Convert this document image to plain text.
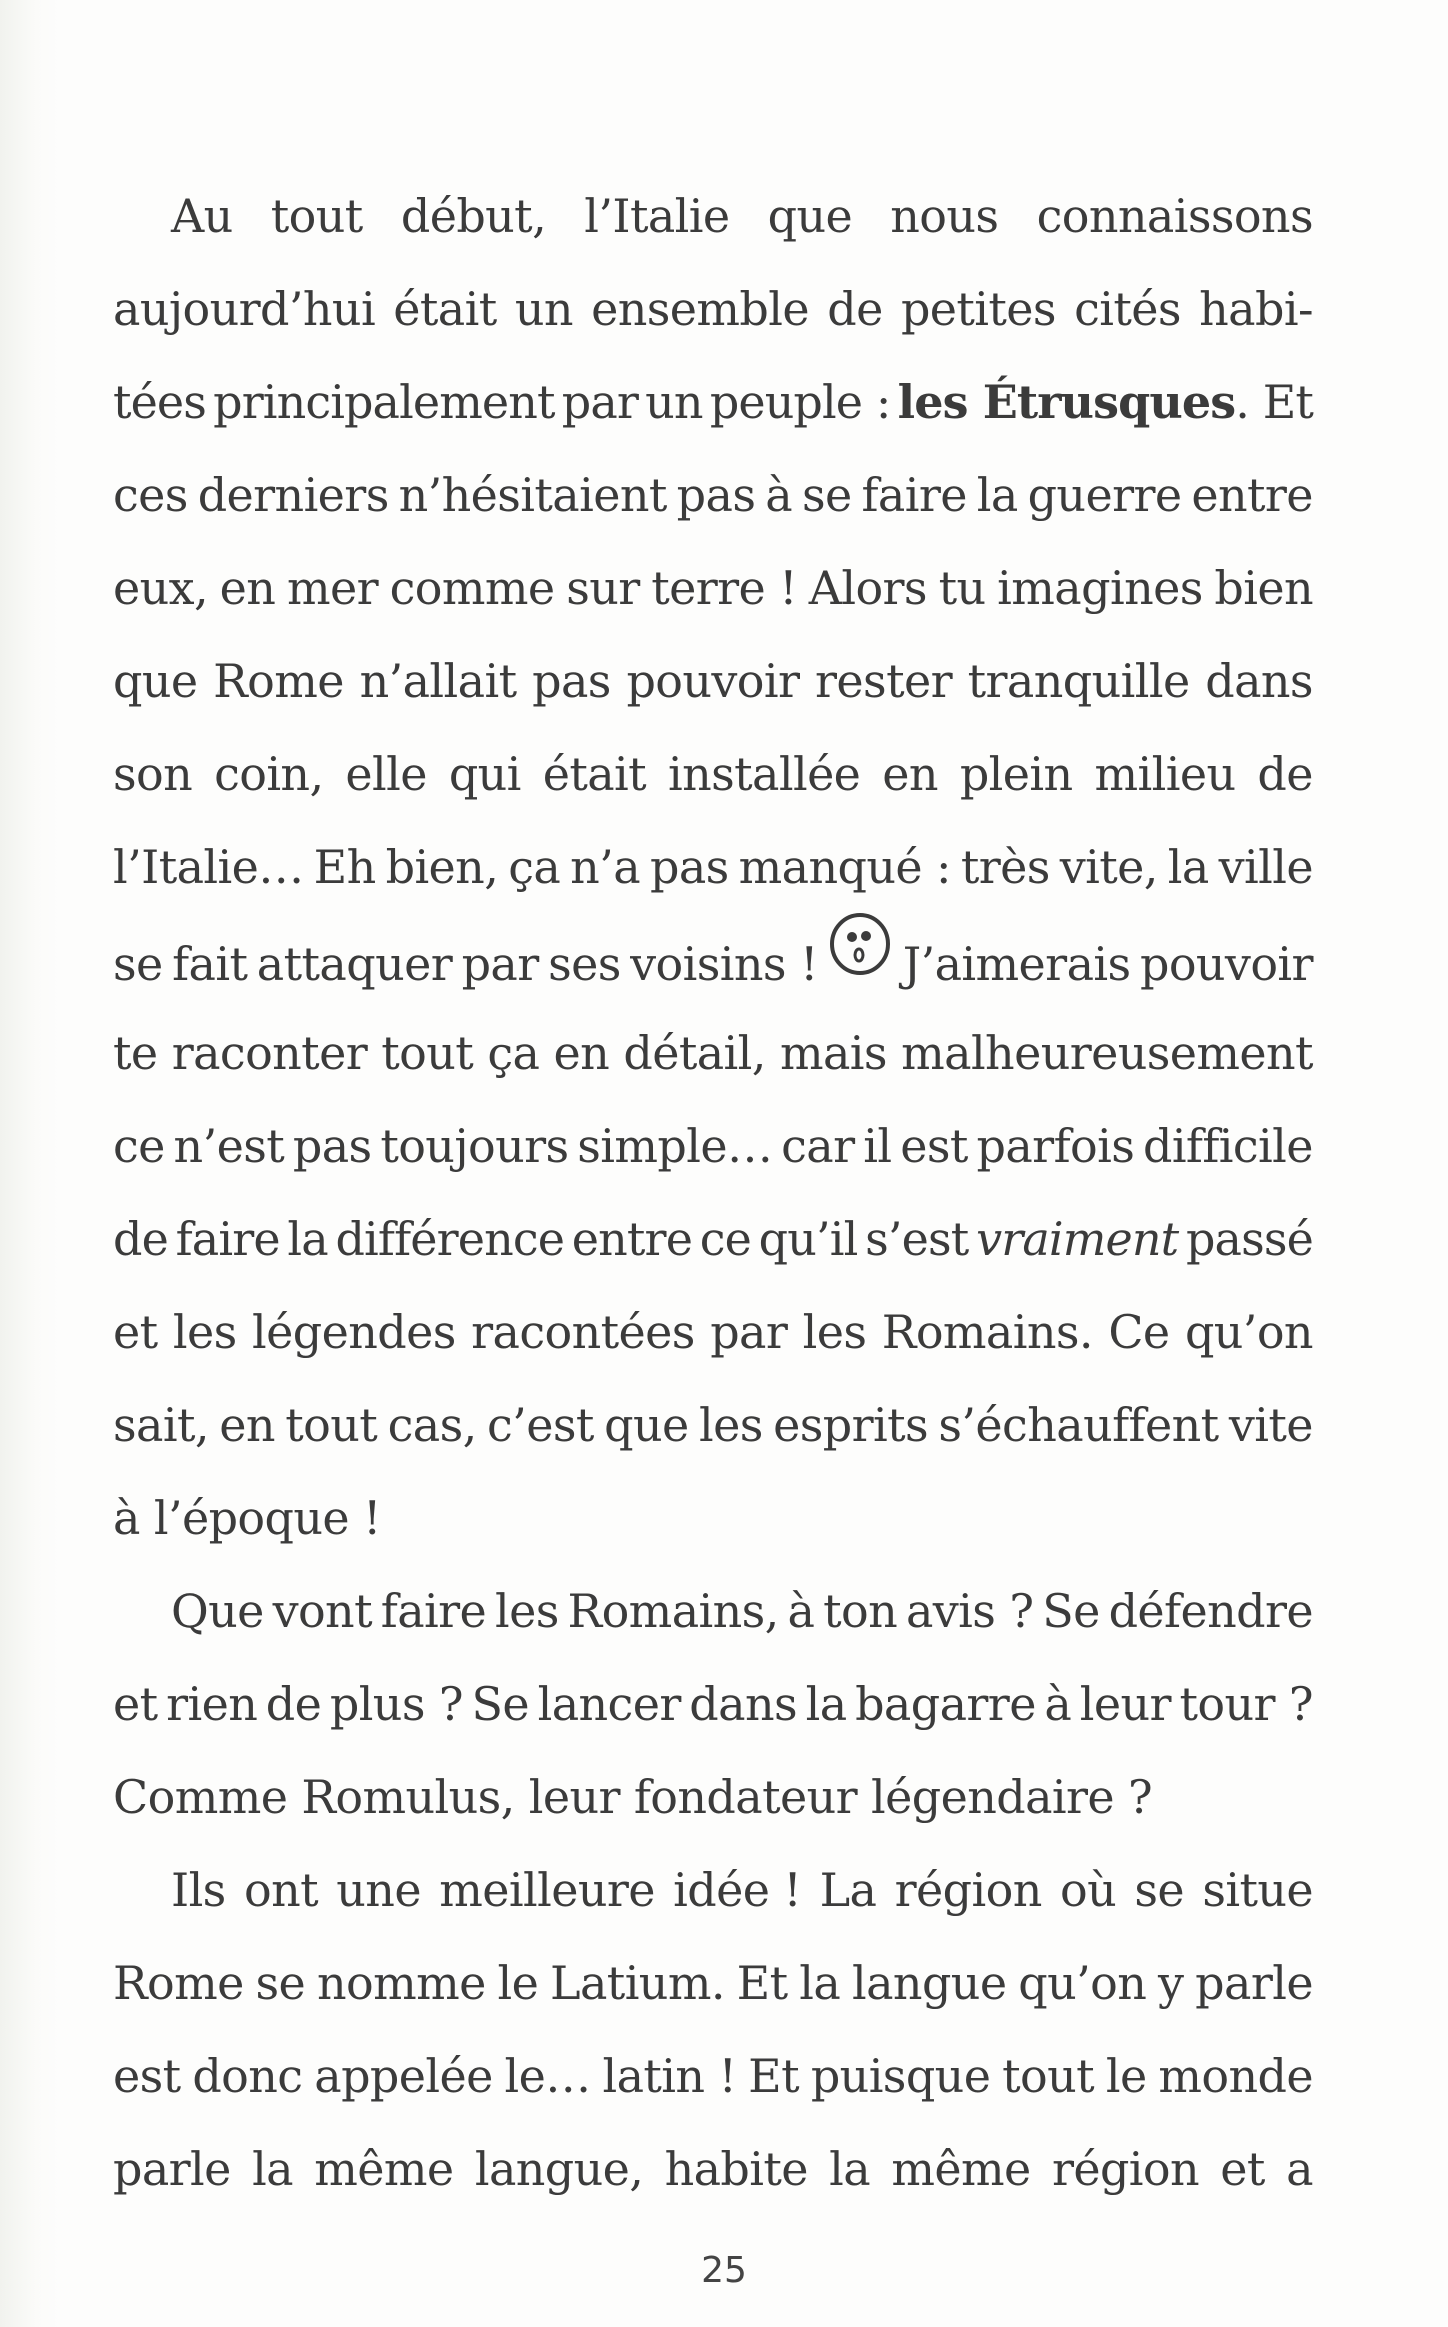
Au tout début, l’Italie que nous connaissons
aujourd’hui était un ensemble de petites cités habi-
tées principalement par un peuple : les Étrusques. Et
ces derniers n’hésitaient pas à se faire la guerre entre
eux, en mer comme sur terre ! Alors tu imagines bien
que Rome n’allait pas pouvoir rester tranquille dans
son coin, elle qui était installée en plein milieu de
l’Italie… Eh bien, ça n’a pas manqué : très vite, la ville
se fait attaquer par ses voisins ! J’aimerais pouvoir
te raconter tout ça en détail, mais malheureusement
ce n’est pas toujours simple… car il est parfois difficile
de faire la différence entre ce qu’il s’est vraiment passé
et les légendes racontées par les Romains. Ce qu’on
sait, en tout cas, c’est que les esprits s’échauffent vite
à l’époque !
Que vont faire les Romains, à ton avis ? Se défendre
et rien de plus ? Se lancer dans la bagarre à leur tour ?
Comme Romulus, leur fondateur légendaire ?
Ils ont une meilleure idée ! La région où se situe
Rome se nomme le Latium. Et la langue qu’on y parle
est donc appelée le… latin ! Et puisque tout le monde
parle la même langue, habite la même région et a
25
